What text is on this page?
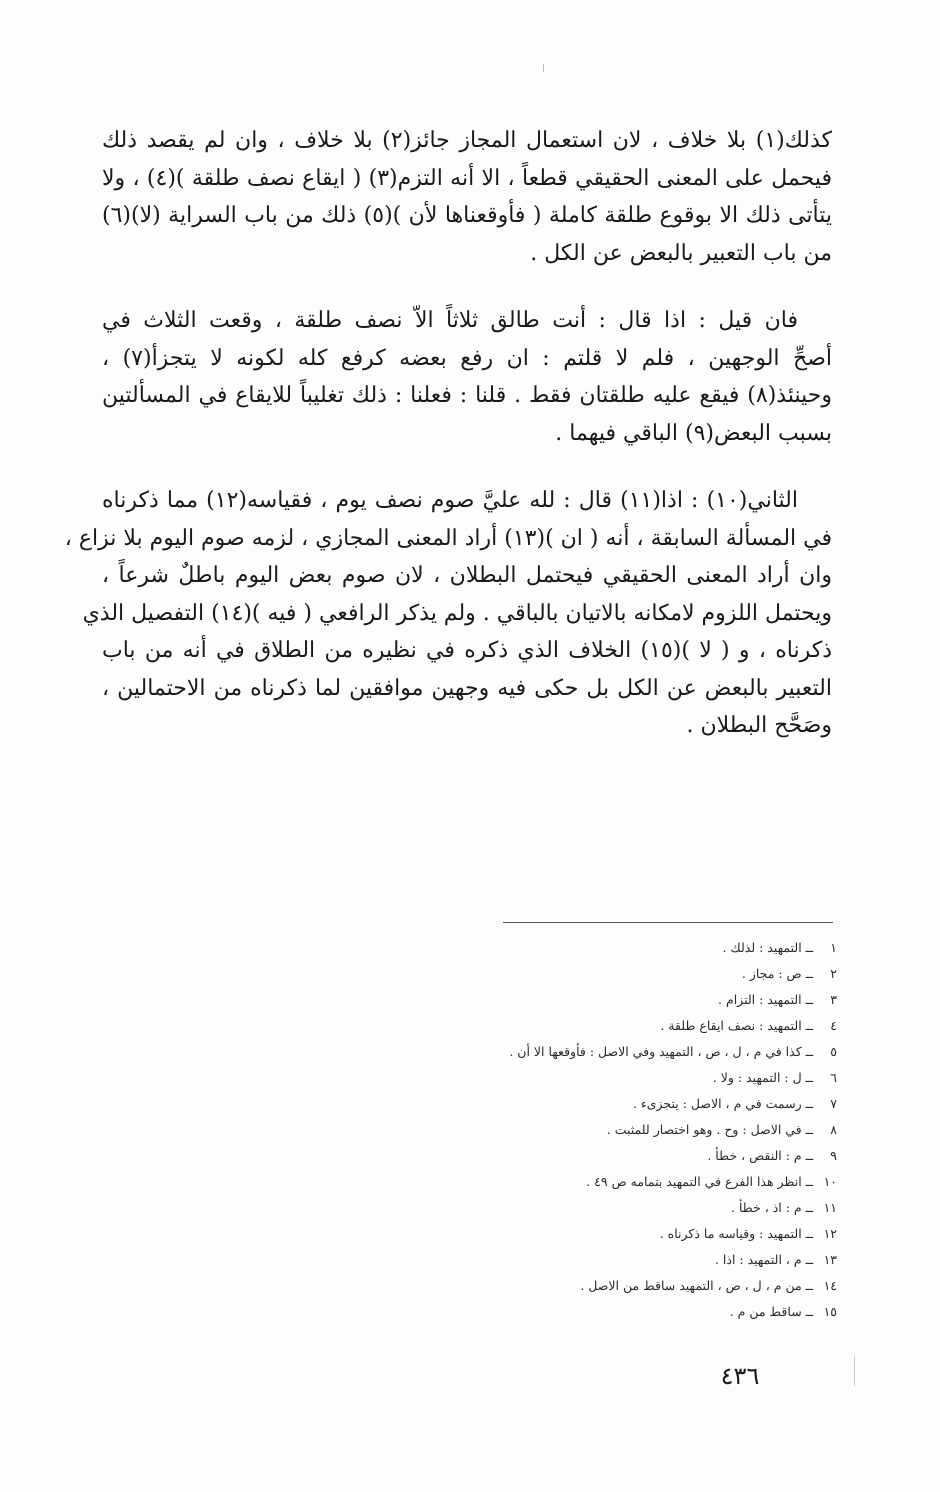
كذلك(١) بلا خلاف ، لان استعمال المجاز جائز(٢) بلا خلاف ، وان لم يقصد ذلك
فيحمل على المعنى الحقيقي قطعاً ، الا أنه التزم(٣) ( ايقاع نصف طلقة )(٤) ، ولا
يتأتى ذلك الا بوقوع طلقة كاملة ( فأوقعناها لأن )(٥) ذلك من باب السراية (لا)(٦)
من باب التعبير بالبعض عن الكل .

فان قيل : اذا قال : أنت طالق ثلاثاً الاّ نصف طلقة ، وقعت الثلاث في
أصحِّ الوجهين ، فلم لا قلتم : ان رفع بعضه كرفع كله لكونه لا يتجزأ(٧) ،
وحينئذ(٨) فيقع عليه طلقتان فقط . قلنا : فعلنا : ذلك تغليباً للايقاع في المسألتين
بسبب البعض(٩) الباقي فيهما .

الثاني(١٠) : اذا(١١) قال : لله عليَّ صوم نصف يوم ، فقياسه(١٢) مما ذكرناه
في المسألة السابقة ، أنه ( ان )(١٣) أراد المعنى المجازي ، لزمه صوم اليوم بلا نزاع ،
وان أراد المعنى الحقيقي فيحتمل البطلان ، لان صوم بعض اليوم باطلٌ شرعاً ،
ويحتمل اللزوم لامكانه بالاتيان بالباقي . ولم يذكر الرافعي ( فيه )(١٤) التفصيل الذي
ذكرناه ، و ( لا )(١٥) الخلاف الذي ذكره في نظيره من الطلاق في أنه من باب
التعبير بالبعض عن الكل بل حكى فيه وجهين موافقين لما ذكرناه من الاحتمالين ،
وصَحَّح البطلان .

١ــالتمهيد : لذلك .
٢ــص : مجاز .
٣ــالتمهيد : التزام .
٤ــالتمهيد : نصف ايقاع طلقة .
٥ــكذا في م ، ل ، ص ، التمهيد وفي الاصل : فأوقعها الا أن .
٦ــل : التمهيد : ولا .
٧ــرسمت في م ، الاصل : يتجزىء .
٨ــفي الاصل : وح . وهو اختصار للمثبت .
٩ــم : النقص ، خطأ .
١٠ــانظر هذا الفرع في التمهيد بتمامه ص ٤٩ .
١١ــم : اذ ، خطأ .
١٢ــالتمهيد : وقياسه ما ذكرناه .
١٣ــم ، التمهيد : اذا .
١٤ــمن م ، ل ، ص ، التمهيد ساقط من الاصل .
١٥ــساقط من م .
٤٣٦
